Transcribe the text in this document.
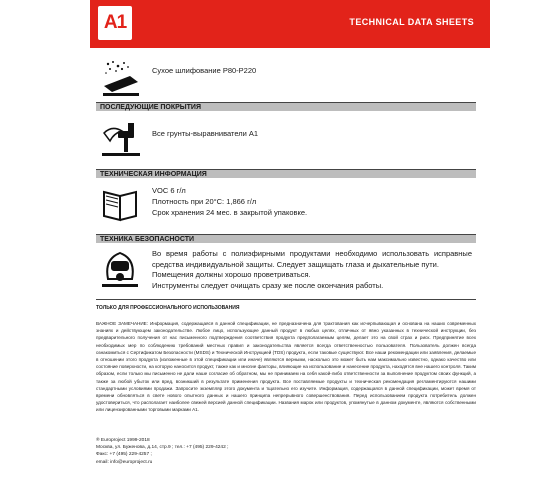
A1	TECHNICAL DATA SHEETS
Сухое шлифование P80-P220
ПОСЛЕДУЮЩИЕ ПОКРЫТИЯ
Все грунты-выравниватели А1
ТЕХНИЧЕСКАЯ ИНФОРМАЦИЯ
VOC 6 г/л
Плотность при 20°С: 1,866 г/л
Срок хранения 24 мес. в закрытой упаковке.
ТЕХНИКА БЕЗОПАСНОСТИ
Во время работы с полиэфирными продуктами необходимо использовать исправные средства индивидуальной защиты. Следует защищать глаза и дыхательные пути.
Помещения должны хорошо проветриваться.
Инструменты следует очищать сразу же после окончания работы.
ТОЛЬКО ДЛЯ ПРОФЕССИОНАЛЬНОГО ИСПОЛЬЗОВАНИЯ
ВАЖНОЕ ЗАМЕЧАНИЕ: Информация, содержащаяся в данной спецификации, не предназначена для трактования как исчерпывающая и основана на наших современных знаниях и действующем законодательстве. Любое лицо, использующее данный продукт в любых целях, отличных от явно указанных в технической инструкции, без предварительного получения от нас письменного подтверждения соответствия продукта предполагаемым целям, делает это на свой страх и риск. Предпринятие всех необходимых мер по соблюдению требований местных правил и законодательства является всегда ответственностью пользователя. Пользователь должен всегда ознакомиться с Сертификатом Безопасности (MSDS) и Технической Инструкцией (TDS) продукта, если таковые существуют. Все наши рекомендации или заявления, делаемые в отношении этого продукта (изложенные в этой спецификации или иначе) являются верными, насколько это может быть нам максимально известно, однако качество или состояние поверхности, на которую наносится продукт, также как и многие факторы, влияющие на использование и нанесение продукта, находятся вне нашего контроля. Таким образом, если только мы письменно не дали наше согласие об обратном, мы не принимаем на себя какой-либо ответственности за выполнение продуктом своих функций, а также за любой убыток или вред, возникший в результате применения продукта. Все поставляемые продукты и техническая рекомендация регламентируются нашими стандартными условиями продажи. Запросите экземпляр этого документа и тщательно его изучите. Информация, содержащаяся в данной спецификации, может время от времени обновляться в свете нового опытного данных и нашего принципа непрерывного совершенствования. Перед использованием продукта потребитель должен удостовериться, что располагает наиболее свежей версией данной спецификации. Названия марок или продуктов, упомянутые в данном документе, являются собственными или лицензированными торговыми марками А1.
® Europroject 1999-2018
Москва, ул. Буженова, д.14, стр.9 ; тел.: +7 (495) 229-4242 ;
Факс: +7 (495) 229-4257 ;
email: info@europroject.ru
